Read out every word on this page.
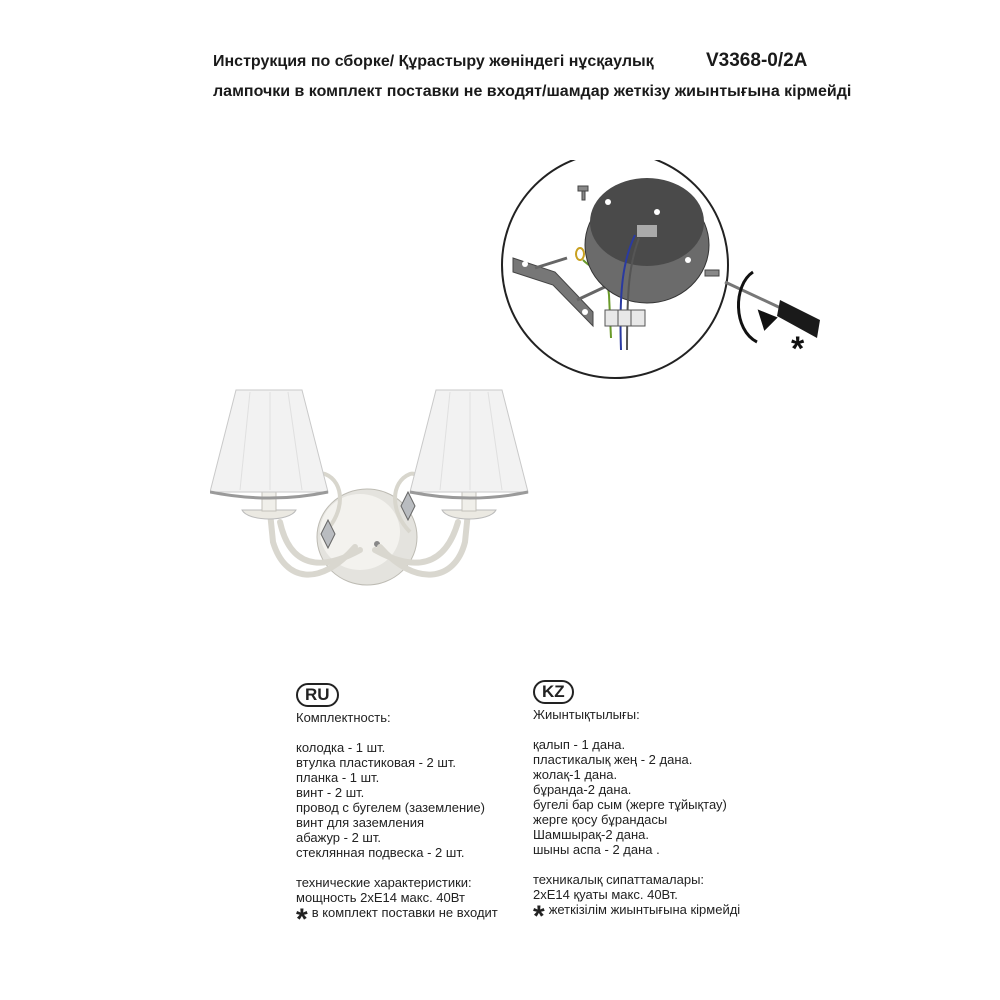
Инструкция по сборке/ Құрастыру жөніндегі нұсқаулық	V3368-0/2A
лампочки в комплект поставки не входят/шамдар жеткізу жиынтығына кірмейді
*
RU
Комплектность:
колодка - 1 шт.
втулка пластиковая - 2 шт.
планка - 1 шт.
винт - 2 шт.
провод с бугелем (заземление)
винт для заземления
абажур - 2 шт.
стеклянная подвеска - 2 шт.
технические характеристики:
мощность 2хЕ14 макс. 40Вт
* в комплект поставки не входит
KZ
Жиынтықтылығы:
қалып - 1 дана.
пластикалық жең - 2 дана.
жолақ-1 дана.
бұранда-2 дана.
бугелі бар сым (жерге тұйықтау)
жерге қосу бұрандасы
Шамшырақ-2 дана.
шыны аспа - 2 дана .
техникалық сипаттамалары:
2хЕ14 қуаты макс. 40Вт.
* жеткізілім жиынтығына кірмейді
